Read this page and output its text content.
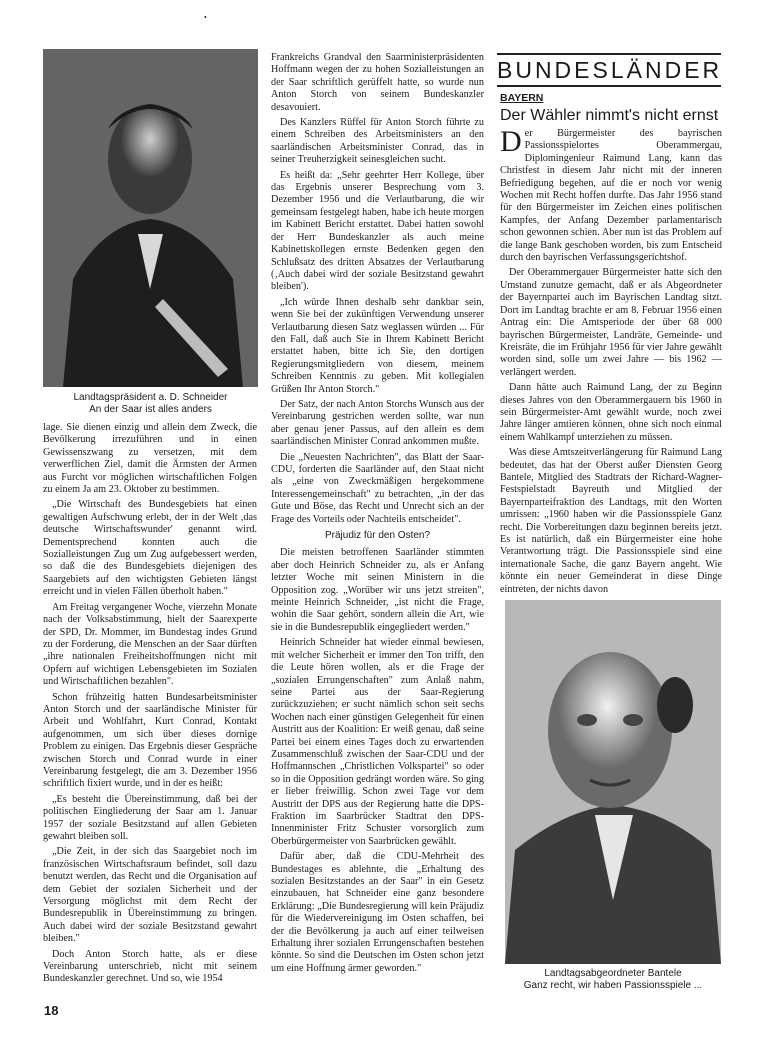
•
Landtagspräsident a. D. Schneider
An der Saar ist alles anders

lage. Sie dienen einzig und allein dem Zweck, die Bevölkerung irrezuführen und in einen Gewissenszwang zu versetzen, mit dem verwerflichen Ziel, damit die Ärmsten der Armen aus Furcht vor möglichen wirtschaftlichen Folgen zu einem Ja am 23. Oktober zu bestimmen.

„Die Wirtschaft des Bundesgebiets hat einen gewaltigen Aufschwung erlebt, der in der Welt ,das deutsche Wirtschaftswunder' genannt wird. Dementsprechend konnten auch die Sozialleistungen Zug um Zug aufgebessert werden, so daß die des Bundesgebiets diejenigen des Saargebiets auf den wichtigsten Gebieten längst erreicht und in vielen Fällen überholt haben."

Am Freitag vergangener Woche, vierzehn Monate nach der Volksabstimmung, hielt der Saarexperte der SPD, Dr. Mommer, im Bundestag indes Grund zu der Forderung, die Menschen an der Saar dürften „ihre nationalen Freiheitshoffnungen nicht mit Opfern auf wichtigen Lebensgebieten im Sozialen und Wirtschaftlichen bezahlen".

Schon frühzeitig hatten Bundesarbeitsminister Anton Storch und der saarländische Minister für Arbeit und Wohlfahrt, Kurt Conrad, Kontakt aufgenommen, um sich über dieses dornige Problem zu einigen. Das Ergebnis dieser Gespräche zwischen Storch und Conrad wurde in einer Vereinbarung festgelegt, die am 3. Dezember 1956 schriftlich fixiert wurde, und in der es heißt:

„Es besteht die Übereinstimmung, daß bei der politischen Eingliederung der Saar am 1. Januar 1957 der soziale Besitzstand auf allen Gebieten gewahrt bleiben soll.

„Die Zeit, in der sich das Saargebiet noch im französischen Wirtschaftsraum befindet, soll dazu benutzt werden, das Recht und die Organisation auf dem Gebiet der sozialen Sicherheit und der Versorgung möglichst mit dem Recht der Bundesrepublik in Übereinstimmung zu bringen. Auch dabei wird der soziale Besitzstand gewahrt bleiben."

Doch Anton Storch hatte, als er diese Vereinbarung unterschrieb, nicht mit seinem Bundeskanzler gerechnet. Und so, wie 1954

Frankreichs Grandval den Saarministerpräsidenten Hoffmann wegen der zu hohen Sozialleistungen an der Saar schriftlich gerüffelt hatte, so wurde nun Anton Storch von seinem Bundeskanzler desavouiert.

Des Kanzlers Rüffel für Anton Storch führte zu einem Schreiben des Arbeitsministers an den saarländischen Arbeitsminister Conrad, das in seiner Treuherzigkeit seinesgleichen sucht.

Es heißt da: „Sehr geehrter Herr Kollege, über das Ergebnis unserer Besprechung vom 3. Dezember 1956 und die Verlautbarung, die wir gemeinsam festgelegt haben, habe ich heute morgen im Kabinett Bericht erstattet. Dabei hatten sowohl der Herr Bundeskanzler als auch meine Kabinettskollegen ernste Bedenken gegen den Schlußsatz des dritten Absatzes der Verlautbarung (‚Auch dabei wird der soziale Besitzstand gewahrt bleiben').

„Ich würde Ihnen deshalb sehr dankbar sein, wenn Sie bei der zukünftigen Verwendung unserer Verlautbarung diesen Satz weglassen würden ... Für den Fall, daß auch Sie in Ihrem Kabinett Bericht erstattet haben, bitte ich Sie, den dortigen Regierungsmitgliedern von diesem, meinem Schreiben Kenntnis zu geben. Mit kollegialen Grüßen Ihr Anton Storch."

Der Satz, der nach Anton Storchs Wunsch aus der Vereinbarung gestrichen werden sollte, war nun aber genau jener Passus, auf den allein es dem saarländischen Minister Conrad ankommen mußte.

Die „Neuesten Nachrichten", das Blatt der Saar-CDU, forderten die Saarländer auf, den Staat nicht als „eine von Zweckmäßigen hergekommene Interessengemeinschaft" zu betrachten, „in der das Gute und Böse, das Recht und Unrecht sich an der Frage des Vorteils oder Nachteils entscheidet".

Präjudiz für den Osten?

Die meisten betroffenen Saarländer stimmten aber doch Heinrich Schneider zu, als er Anfang letzter Woche mit seinen Ministern in die Opposition zog. „Worüber wir uns jetzt streiten", meinte Heinrich Schneider, „ist nicht die Frage, wohin die Saar gehört, sondern allein die Art, wie sie in die Bundesrepublik eingegliedert werden."

Heinrich Schneider hat wieder einmal bewiesen, mit welcher Sicherheit er immer den Ton trifft, den die Leute hören wollen, als er die Frage der „sozialen Errungenschaften" zum Anlaß nahm, seine Partei aus der Saar-Regierung zurückzuziehen; er sucht nämlich schon seit sechs Wochen nach einer günstigen Gelegenheit für einen Austritt aus der Koalition: Er weiß genau, daß seine Partei bei einem eines Tages doch zu erwartenden Zusammenschluß zwischen der Saar-CDU und der Hoffmannschen „Christlichen Volkspartei" so oder so in die Opposition gedrängt worden wäre. So ging er lieber freiwillig. Schon zwei Tage vor dem Austritt der DPS aus der Regierung hatte die DPS-Fraktion im Saarbrücker Stadtrat den DPS-Innenminister Fritz Schuster vorsorglich zum Oberbürgermeister von Saarbrücken gewählt.

Dafür aber, daß die CDU-Mehrheit des Bundestages es ablehnte, die „Erhaltung des sozialen Besitzstandes an der Saar" in ein Gesetz einzubauen, hat Schneider eine ganz besondere Erklärung: „Die Bundesregierung will kein Präjudiz für die Wiedervereinigung im Osten schaffen, bei der die Bevölkerung ja auch auf einer teilweisen Erhaltung ihrer sozialen Errungenschaften bestehen könnte. So sind die Deutschen im Osten schon jetzt um eine Hoffnung ärmer geworden."

BUNDESLÄNDER
BAYERN
Der Wähler nimmt's nicht ernst

Der Bürgermeister des bayrischen Passionsspielortes Oberammergau, Diplomingenieur Raimund Lang, kann das Christfest in diesem Jahr nicht mit der inneren Befriedigung begehen, auf die er noch vor wenig Wochen mit Recht hoffen durfte. Das Jahr 1956 stand für den Bürgermeister im Zeichen eines politischen Kampfes, der Anfang Dezember parlamentarisch schon gewonnen schien. Aber nun ist das Problem auf die lange Bank geschoben worden, bis zum Entscheid durch den bayrischen Verfassungsgerichtshof.

Der Oberammergauer Bürgermeister hatte sich den Umstand zunutze gemacht, daß er als Abgeordneter der Bayernpartei auch im Bayrischen Landtag sitzt. Dort im Landtag brachte er am 8. Februar 1956 einen Antrag ein: Die Amtsperiode der über 68 000 bayrischen Bürgermeister, Landräte, Gemeinde- und Kreisräte, die im Frühjahr 1956 für vier Jahre gewählt worden sind, solle um zwei Jahre — bis 1962 — verlängert werden.

Dann hätte auch Raimund Lang, der zu Beginn dieses Jahres von den Oberammergauern bis 1960 in sein Bürgermeister-Amt gewählt wurde, noch zwei Jahre länger amtieren können, ohne sich noch einmal einem Wahlkampf unterziehen zu müssen.

Was diese Amtszeitverlängerung für Raimund Lang bedeutet, das hat der Oberst außer Diensten Georg Bantele, Mitglied des Stadtrats der Richard-Wagner-Festspielstadt Bayreuth und Mitglied der Bayernparteifraktion des Landtags, mit den Worten umrissen: „1960 haben wir die Passionsspiele Ganz recht. Die Vorbereitungen dazu beginnen bereits jetzt. Es ist natürlich, daß ein Bürgermeister eine hohe Verantwortung trägt. Die Passionsspiele sind eine internationale Sache, die ganz Bayern angeht. Wie könnte ein neuer Gemeinderat in diese Dinge eintreten, der nichts davon

Landtagsabgeordneter Bantele
Ganz recht, wir haben Passionsspiele ...
18
